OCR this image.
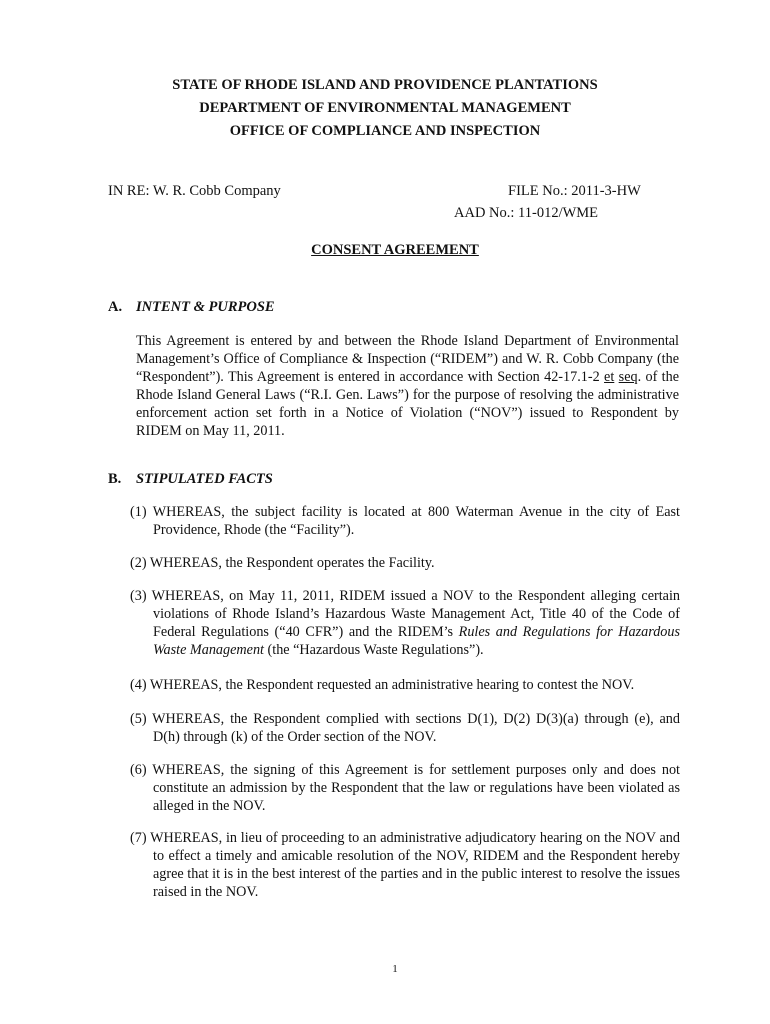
STATE OF RHODE ISLAND AND PROVIDENCE PLANTATIONS
DEPARTMENT OF ENVIRONMENTAL MANAGEMENT
OFFICE OF COMPLIANCE AND INSPECTION
IN RE: W. R. Cobb Company	FILE No.: 2011-3-HW
AAD No.: 11-012/WME
CONSENT AGREEMENT
A. INTENT & PURPOSE
This Agreement is entered by and between the Rhode Island Department of Environmental Management’s Office of Compliance & Inspection (“RIDEM”) and W. R. Cobb Company (the “Respondent”). This Agreement is entered in accordance with Section 42-17.1-2 et seq. of the Rhode Island General Laws (“R.I. Gen. Laws”) for the purpose of resolving the administrative enforcement action set forth in a Notice of Violation (“NOV”) issued to Respondent by RIDEM on May 11, 2011.
B. STIPULATED FACTS
(1) WHEREAS, the subject facility is located at 800 Waterman Avenue in the city of East Providence, Rhode (the “Facility”).
(2) WHEREAS, the Respondent operates the Facility.
(3) WHEREAS, on May 11, 2011, RIDEM issued a NOV to the Respondent alleging certain violations of Rhode Island’s Hazardous Waste Management Act, Title 40 of the Code of Federal Regulations (“40 CFR”) and the RIDEM’s Rules and Regulations for Hazardous Waste Management (the “Hazardous Waste Regulations”).
(4) WHEREAS, the Respondent requested an administrative hearing to contest the NOV.
(5) WHEREAS, the Respondent complied with sections D(1), D(2) D(3)(a) through (e), and D(h) through (k) of the Order section of the NOV.
(6) WHEREAS, the signing of this Agreement is for settlement purposes only and does not constitute an admission by the Respondent that the law or regulations have been violated as alleged in the NOV.
(7) WHEREAS, in lieu of proceeding to an administrative adjudicatory hearing on the NOV and to effect a timely and amicable resolution of the NOV, RIDEM and the Respondent hereby agree that it is in the best interest of the parties and in the public interest to resolve the issues raised in the NOV.
1
